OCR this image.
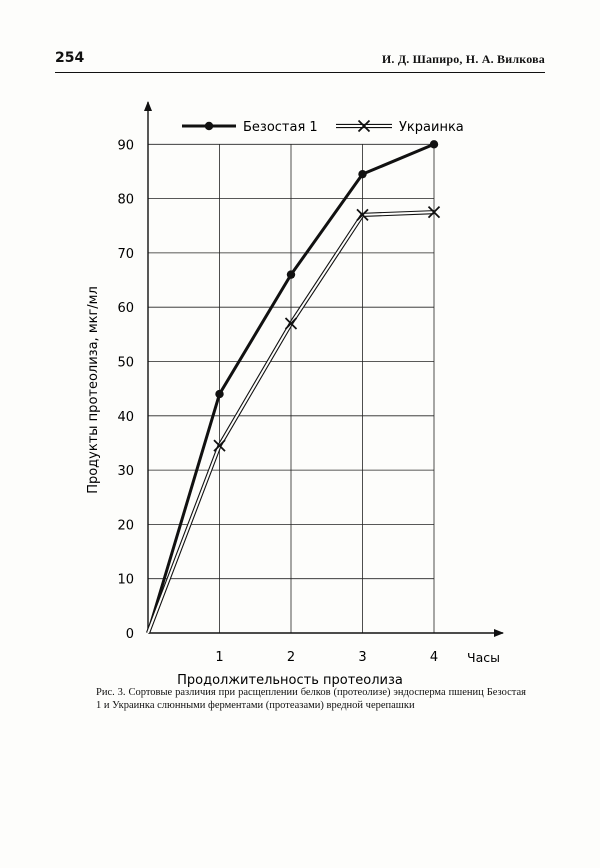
254	И. Д. Шапиро, Н. А. Вилкова
0
10
20
30
40
50
60
70
80
90
1	2	3	4
Безостая 1	Украинка
Продукты протеолиза, мкг/мл
Продолжительность протеолиза
Часы
Рис. 3. Сортовые различия при расщеплении белков (протеолизе) эндосперма пшениц Безостая 1 и Украинка слюнными ферментами (протеазами) вредной черепашки
